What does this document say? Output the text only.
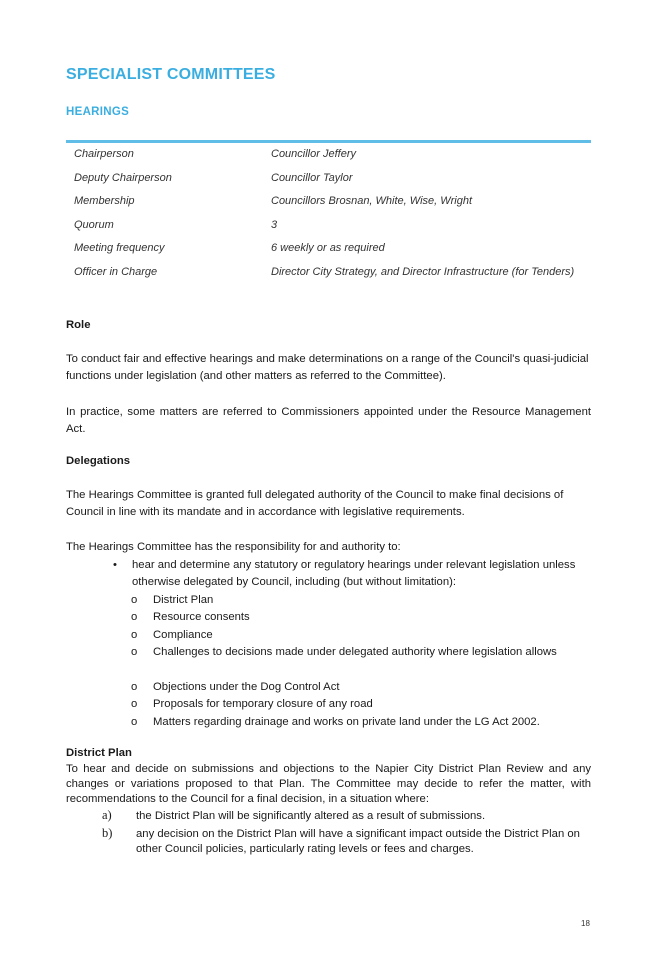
SPECIALIST COMMITTEES
HEARINGS
Chairperson	Councillor Jeffery
Deputy Chairperson	Councillor Taylor
Membership	Councillors Brosnan, White, Wise, Wright
Quorum	3
Meeting frequency	6 weekly or as required
Officer in Charge	Director City Strategy, and Director Infrastructure (for Tenders)
Role
To conduct fair and effective hearings and make determinations on a range of the Council's quasi-judicial functions under legislation (and other matters as referred to the Committee).
In practice, some matters are referred to Commissioners appointed under the Resource Management Act.
Delegations
The Hearings Committee is granted full delegated authority of the Council to make final decisions of Council in line with its mandate and in accordance with legislative requirements.
The Hearings Committee has the responsibility for and authority to:
• hear and determine any statutory or regulatory hearings under relevant legislation unless otherwise delegated by Council, including (but without limitation):
o District Plan
o Resource consents
o Compliance
o Challenges to decisions made under delegated authority where legislation allows
o Objections under the Dog Control Act
o Proposals for temporary closure of any road
o Matters regarding drainage and works on private land under the LG Act 2002.
District Plan
To hear and decide on submissions and objections to the Napier City District Plan Review and any changes or variations proposed to that Plan. The Committee may decide to refer the matter, with recommendations to the Council for a final decision, in a situation where:
a) the District Plan will be significantly altered as a result of submissions.
b) any decision on the District Plan will have a significant impact outside the District Plan on other Council policies, particularly rating levels or fees and charges.
18
